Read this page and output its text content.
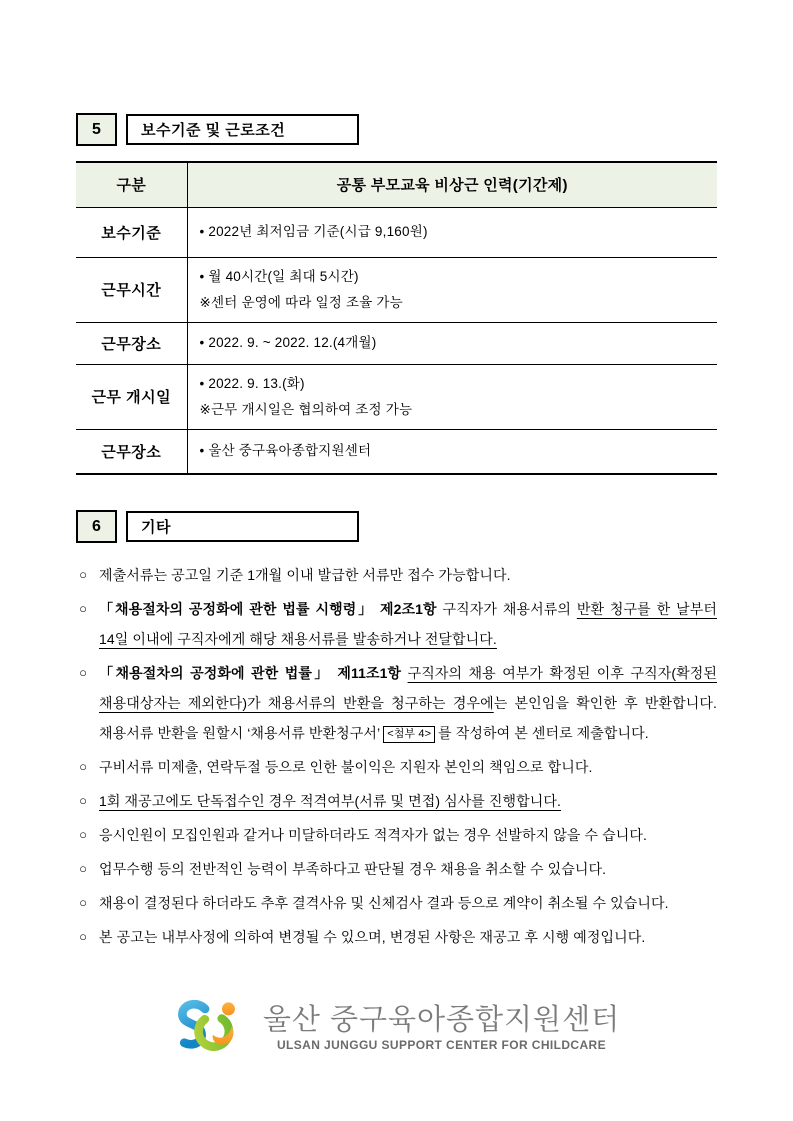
5	보수기준 및 근로조건
구분	공통 부모교육 비상근 인력(기간제)
보수기준	• 2022년 최저임금 기준(시급 9,160원)

근무시간	• 월 40시간(일 최대 5시간)
※센터 운영에 따라 일정 조율 가능

근무장소	• 2022. 9. ~ 2022. 12.(4개월)

근무 개시일	• 2022. 9. 13.(화)
※근무 개시일은 협의하여 조정 가능

근무장소	• 울산 중구육아종합지원센터
6	기타
○ 제출서류는 공고일 기준 1개월 이내 발급한 서류만 접수 가능합니다.

○ 「채용절차의 공정화에 관한 법률 시행령」 제2조1항 구직자가 채용서류의 반환 청구를 한 날부터 14일 이내에 구직자에게 해당 채용서류를 발송하거나 전달합니다.

○ 「채용절차의 공정화에 관한 법률」 제11조1항 구직자의 채용 여부가 확정된 이후 구직자(확정된 채용대상자는 제외한다)가 채용서류의 반환을 청구하는 경우에는 본인임을 확인한 후 반환합니다. 채용서류 반환을 원할시 ‘채용서류 반환청구서’ <첨부 4> 를 작성하여 본 센터로 제출합니다.

○ 구비서류 미제출, 연락두절 등으로 인한 불이익은 지원자 본인의 책임으로 합니다.

○ 1회 재공고에도 단독접수인 경우 적격여부(서류 및 면접) 심사를 진행합니다.

○ 응시인원이 모집인원과 같거나 미달하더라도 적격자가 없는 경우 선발하지 않을 수 습니다.

○ 업무수행 등의 전반적인 능력이 부족하다고 판단될 경우 채용을 취소할 수 있습니다.

○ 채용이 결정된다 하더라도 추후 결격사유 및 신체검사 결과 등으로 계약이 취소될 수 있습니다.

○ 본 공고는 내부사정에 의하여 변경될 수 있으며, 변경된 사항은 재공고 후 시행 예정입니다.

울산 중구육아종합지원센터
ULSAN JUNGGU SUPPORT CENTER FOR CHILDCARE
